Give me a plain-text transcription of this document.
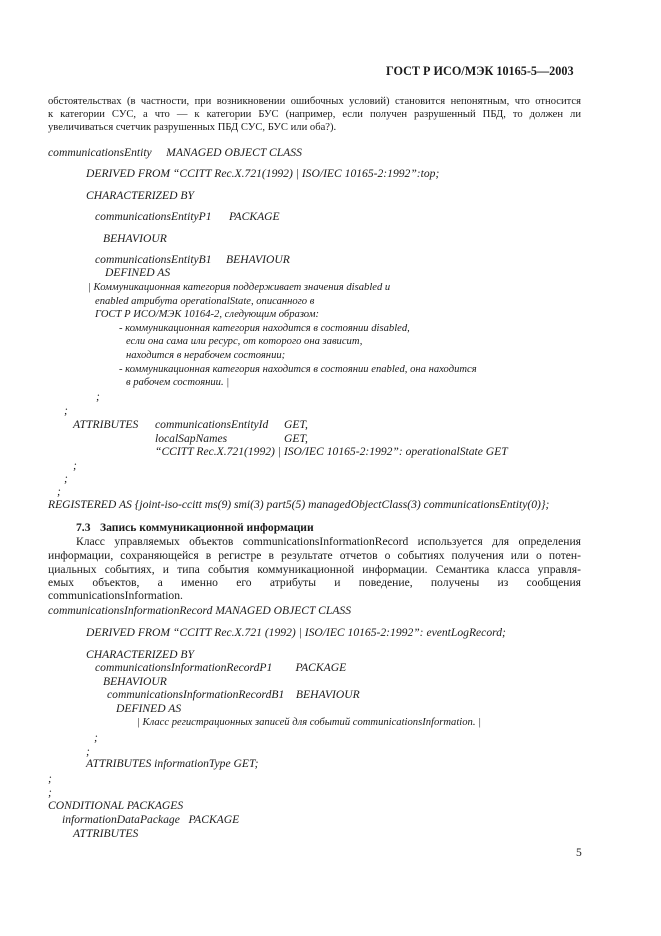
ГОСТ Р ИСО/МЭК 10165-5—2003
обстоятельствах (в частности, при возникновении ошибочных условий) становится непонятным, что относится
к категории СУС, а что — к категории БУС (например, если получен разрушенный ПБД, то должен ли
увеличиваться счетчик разрушенных ПБД СУС, БУС или оба?).
communicationsEntity     MANAGED OBJECT CLASS
DERIVED FROM “CCITT Rec.X.721(1992) | ISO/IEC 10165-2:1992”:top;
CHARACTERIZED BY
communicationsEntityP1      PACKAGE
BEHAVIOUR
communicationsEntityB1     BEHAVIOUR
DEFINED AS
| Коммуникационная категория поддерживает значения disabled и
enabled атрибута operationalState, описанного в
ГОСТ Р ИСО/МЭК 10164-2, следующим образом:
- коммуникационная категория находится в состоянии disabled,
если она сама или ресурс, от которого она зависит,
находится в нерабочем состоянии;
- коммуникационная категория находится в состоянии enabled, она находится
в рабочем состоянии. |
;
;
ATTRIBUTES communicationsEntityId GET,
localSapNames	GET,
“CCITT Rec.X.721(1992) | ISO/IEC 10165-2:1992”: operationalState GET
;
;
;
REGISTERED AS {joint-iso-ccitt ms(9) smi(3) part5(5) managedObjectClass(3) communicationsEntity(0)};
7.3 Запись коммуникационной информации
Класс управляемых объектов communicationsInformationRecord используется для определения
информации, сохраняющейся в регистре в результате отчетов о событиях получения или о потен-
циальных событиях, и типа события коммуникационной информации. Семантика класса управля-
емых объектов, а именно его атрибуты и поведение, получены из сообщения
communicationsInformation.
communicationsInformationRecord MANAGED OBJECT CLASS
DERIVED FROM “CCITT Rec.X.721 (1992) | ISO/IEC 10165-2:1992”: eventLogRecord;
CHARACTERIZED BY
communicationsInformationRecordP1        PACKAGE
BEHAVIOUR
communicationsInformationRecordB1    BEHAVIOUR
DEFINED AS
| Класс регистрационных записей для событий communicationsInformation. |
;
;
ATTRIBUTES informationType GET;
;
;
CONDITIONAL PACKAGES
informationDataPackage   PACKAGE
ATTRIBUTES
5
